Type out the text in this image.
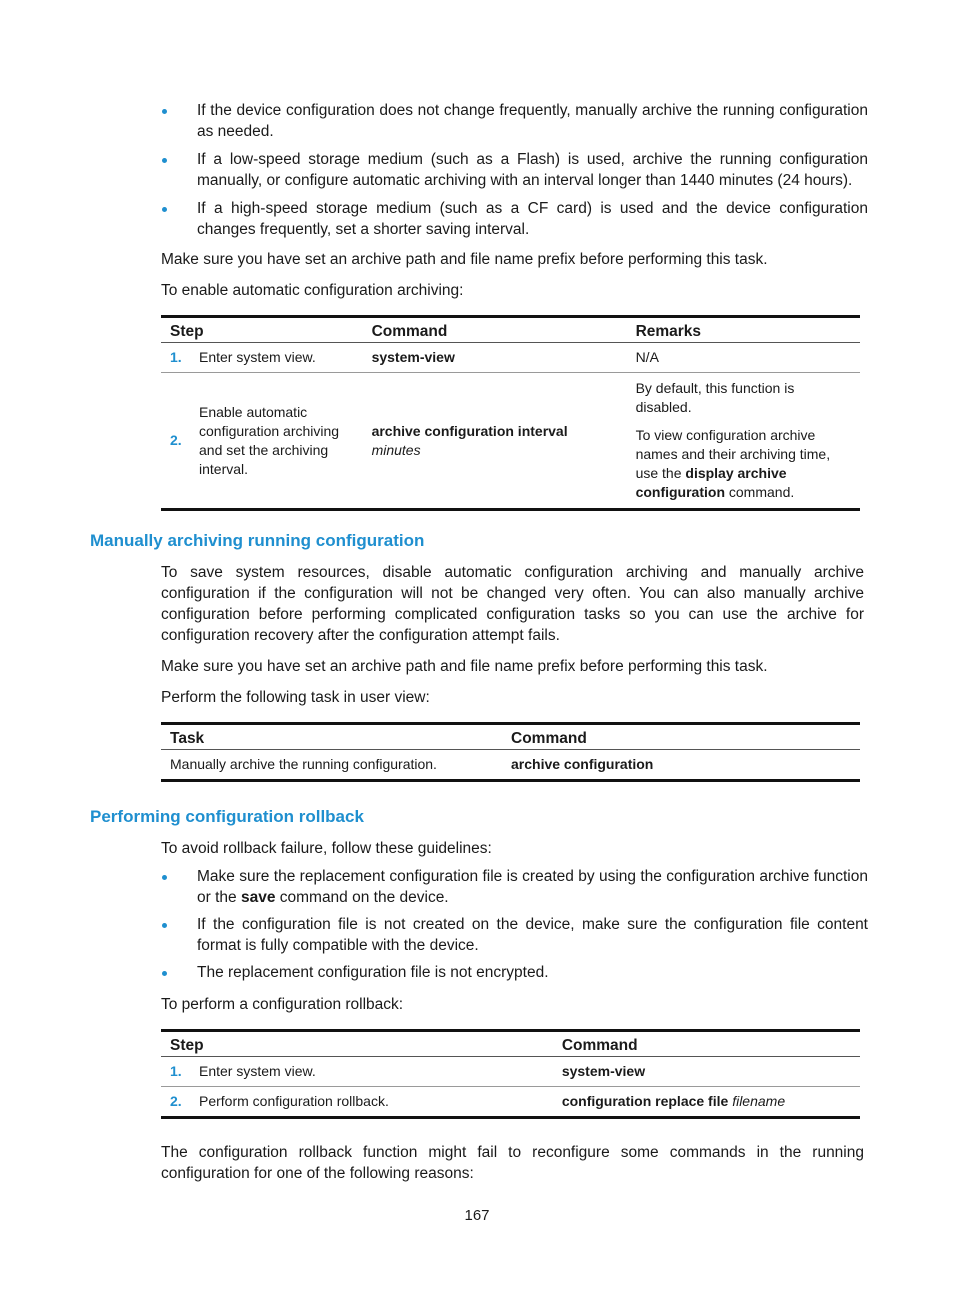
If the device configuration does not change frequently, manually archive the running configuration as needed.
If a low-speed storage medium (such as a Flash) is used, archive the running configuration manually, or configure automatic archiving with an interval longer than 1440 minutes (24 hours).
If a high-speed storage medium (such as a CF card) is used and the device configuration changes frequently, set a shorter saving interval.
Make sure you have set an archive path and file name prefix before performing this task.
To enable automatic configuration archiving:
Step		Command	Remarks
1.	Enter system view.	system-view	N/A
2.	Enable automatic configuration archiving and set the archiving interval.	archive configuration interval minutes	By default, this function is disabled.

To view configuration archive names and their archiving time, use the display archive configuration command.

Manually archiving running configuration
To save system resources, disable automatic configuration archiving and manually archive configuration if the configuration will not be changed very often. You can also manually archive configuration before performing complicated configuration tasks so you can use the archive for configuration recovery after the configuration attempt fails.
Make sure you have set an archive path and file name prefix before performing this task.
Perform the following task in user view:
Task	Command
Manually archive the running configuration.	archive configuration
Performing configuration rollback
To avoid rollback failure, follow these guidelines:
Make sure the replacement configuration file is created by using the configuration archive function or the save command on the device.
If the configuration file is not created on the device, make sure the configuration file content format is fully compatible with the device.
The replacement configuration file is not encrypted.
To perform a configuration rollback:
Step		Command
1.	Enter system view.	system-view
2.	Perform configuration rollback.	configuration replace file filename
The configuration rollback function might fail to reconfigure some commands in the running configuration for one of the following reasons:
167
